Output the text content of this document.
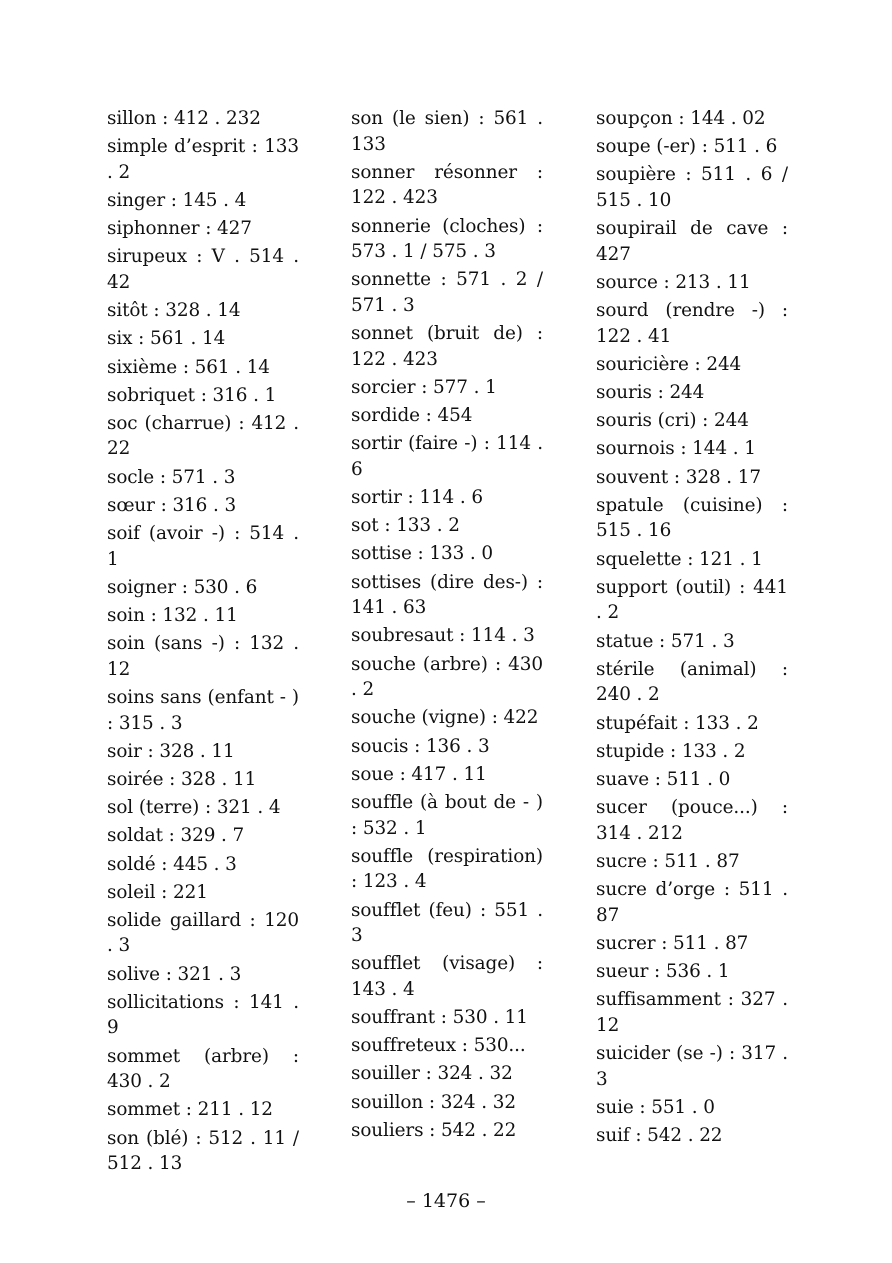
sillon : 412 . 232
simple d’esprit : 133 . 2
singer : 145 . 4
siphonner : 427
sirupeux : V . 514 . 42
sitôt : 328 . 14
six : 561 . 14
sixième : 561 . 14
sobriquet : 316 . 1
soc (charrue) : 412 . 22
socle : 571 . 3
sœur : 316 . 3
soif (avoir -) : 514 . 1
soigner : 530 . 6
soin : 132 . 11
soin (sans -) : 132 . 12
soins sans (enfant - ) : 315 . 3
soir : 328 . 11
soirée : 328 . 11
sol (terre) : 321 . 4
soldat : 329 . 7
soldé : 445 . 3
soleil : 221
solide gaillard : 120 . 3
solive : 321 . 3
sollicitations : 141 . 9
sommet (arbre) : 430 . 2
sommet : 211 . 12
son (blé) : 512 . 11 / 512 . 13
son (le sien) : 561 . 133
sonner résonner : 122 . 423
sonnerie (cloches) : 573 . 1 / 575 . 3
sonnette : 571 . 2 / 571 . 3
sonnet (bruit de) : 122 . 423
sorcier : 577 . 1
sordide : 454
sortir (faire -) : 114 . 6
sortir : 114 . 6
sot : 133 . 2
sottise : 133 . 0
sottises (dire des-) : 141 . 63
soubresaut : 114 . 3
souche (arbre) : 430 . 2
souche (vigne) : 422
soucis : 136 . 3
soue : 417 . 11
souffle (à bout de - ) : 532 . 1
souffle (respiration) : 123 . 4
soufflet (feu) : 551 . 3
soufflet (visage) : 143 . 4
souffrant : 530 . 11
souffreteux : 530...
souiller : 324 . 32
souillon : 324 . 32
souliers : 542 . 22
soupçon : 144 . 02
soupe (-er) : 511 . 6
soupière : 511 . 6 / 515 . 10
soupirail de cave : 427
source : 213 . 11
sourd (rendre -) : 122 . 41
souricière : 244
souris : 244
souris (cri) : 244
sournois : 144 . 1
souvent : 328 . 17
spatule (cuisine) : 515 . 16
squelette : 121 . 1
support (outil) : 441 . 2
statue : 571 . 3
stérile (animal) : 240 . 2
stupéfait : 133 . 2
stupide : 133 . 2
suave : 511 . 0
sucer (pouce...) : 314 . 212
sucre : 511 . 87
sucre d’orge : 511 . 87
sucrer : 511 . 87
sueur : 536 . 1
suffisamment : 327 . 12
suicider (se -) : 317 . 3
suie : 551 . 0
suif : 542 . 22
– 1476 –
